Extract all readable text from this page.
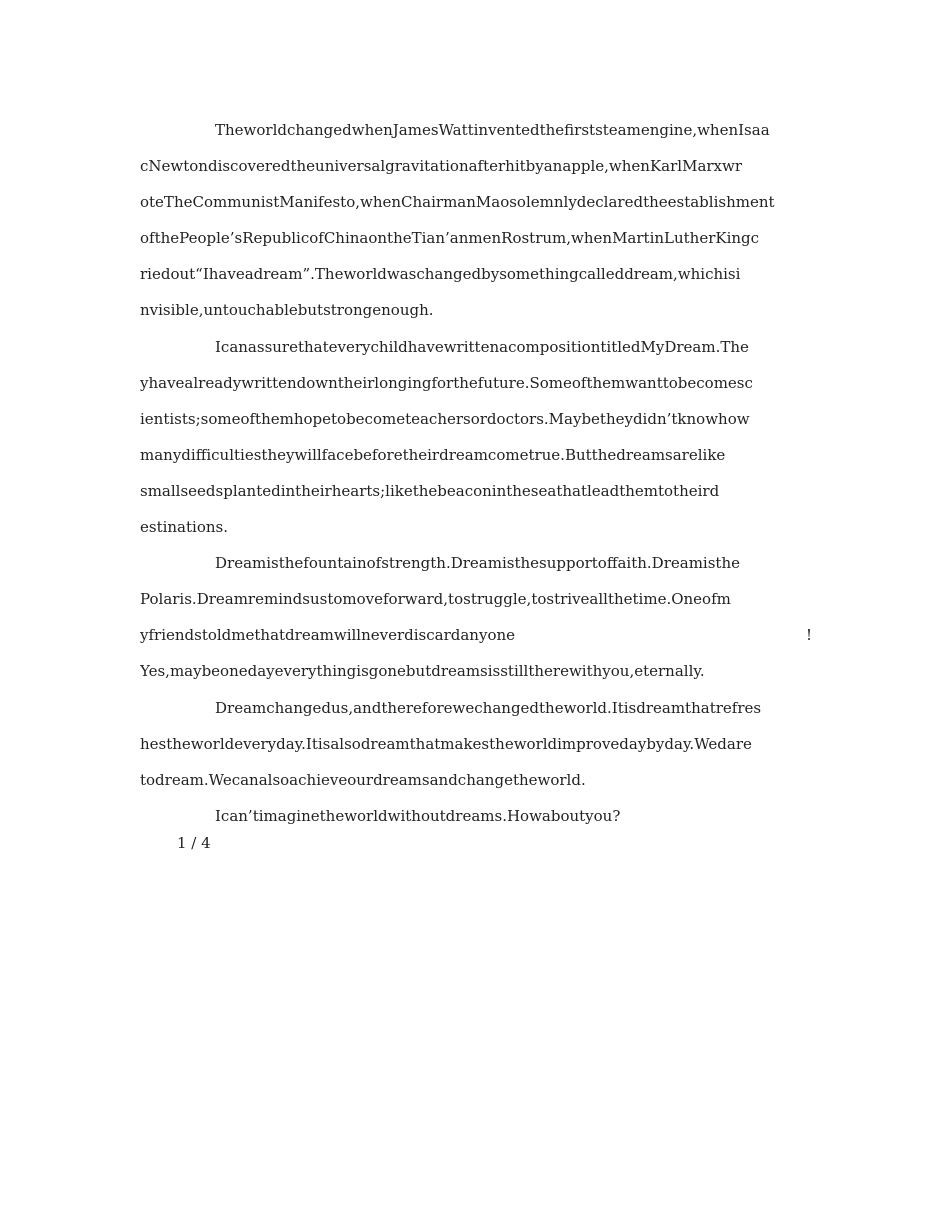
TheworldchangedwhenJamesWattinventedthefirststeamengine,whenIsaa
cNewtondiscoveredtheuniversalgravitationafterhitbyanapple,whenKarlMarxwr
oteTheCommunistManifesto,whenChairmanMaosolemnlydeclaredtheestablishment
ofthePeople’sRepublicofChinaontheTian’anmenRostrum,whenMartinLutherKingc
riedout“Ihaveadream”.Theworldwaschangedbysomethingcalleddream,whichisi
nvisible,untouchablebutstrongenough.
IcanassurethateverychildhavewrittenacompositiontitledMyDream.The
yhavealreadywrittendowntheirlongingforthefuture.Someofthemwanttobecomesc
ientists;someofthemhopetobecometeachersordoctors.Maybetheydidn’tknowhow
manydifficultiestheywillfacebeforetheirdreamcometrue.Butthedreamsarelike
smallseedsplantedintheirhearts;likethebeaconintheseathatleadthemtotheird
estinations.
Dreamisthefountainofstrength.Dreamisthesupportoffaith.Dreamisthe
Polaris.Dreamremindsustomoveforward,tostruggle,tostriveallthetime.Oneofm
yfriendstoldmethatdreamwillneverdiscardanyone                         !
Yes,maybeonedayeverythingisgonebutdreamsisstilltherewithyou,eternally.
Dreamchangedus,andthereforewechangedtheworld.Itisdreamthatrefres
hestheworldeveryday.Itisalsodreamthatmakestheworldimprovedaybyday.Wedare
todream.Wecanalsoachieveourdreamsandchangetheworld.
Ican’timaginetheworldwithoutdreams.Howaboutyou?
1 / 4
